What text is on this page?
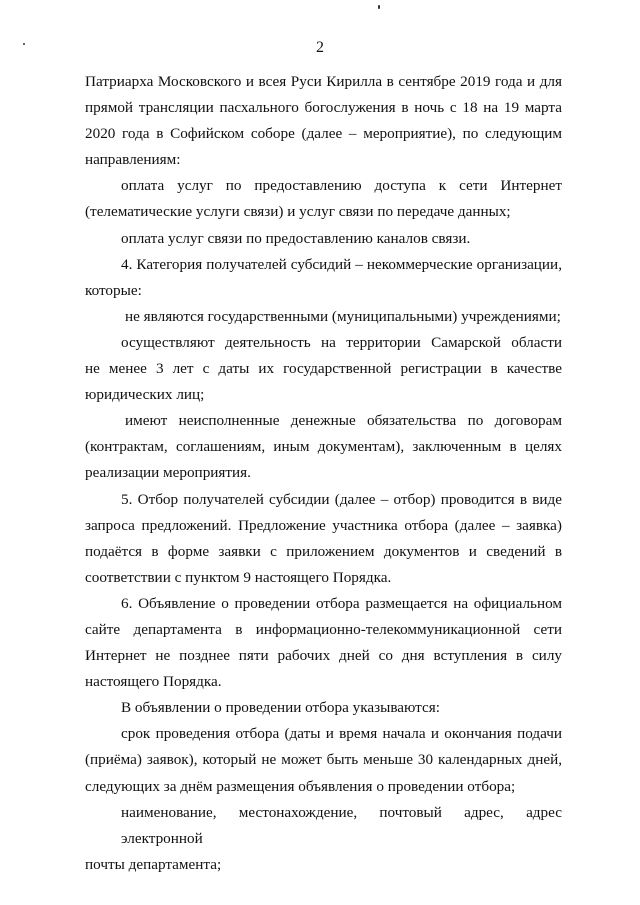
2

Патриарха Московского и всея Руси Кирилла в сентябре 2019 года и для
прямой трансляции пасхального богослужения в ночь с 18 на 19 марта
2020 года в Софийском соборе (далее – мероприятие), по следующим
направлениям:

оплата услуг по предоставлению доступа к сети Интернет
(телематические услуги связи) и услуг связи по передаче данных;

оплата услуг связи по предоставлению каналов связи.

4. Категория получателей субсидий – некоммерческие организации,
которые:

не являются государственными (муниципальными) учреждениями;

осуществляют деятельность на территории Самарской области
не менее 3 лет с даты их государственной регистрации в качестве
юридических лиц;

имеют неисполненные денежные обязательства по договорам
(контрактам, соглашениям, иным документам), заключенным в целях
реализации мероприятия.

5. Отбор получателей субсидии (далее – отбор) проводится в виде
запроса предложений. Предложение участника отбора (далее – заявка)
подаётся в форме заявки с приложением документов и сведений в
соответствии с пунктом 9 настоящего Порядка.

6. Объявление о проведении отбора размещается на официальном
сайте департамента в информационно-телекоммуникационной сети
Интернет не позднее пяти рабочих дней со дня вступления в силу
настоящего Порядка.

В объявлении о проведении отбора указываются:

срок проведения отбора (даты и время начала и окончания подачи
(приёма) заявок), который не может быть меньше 30 календарных дней,
следующих за днём размещения объявления о проведении отбора;

наименование, местонахождение, почтовый адрес, адрес электронной
почты департамента;
